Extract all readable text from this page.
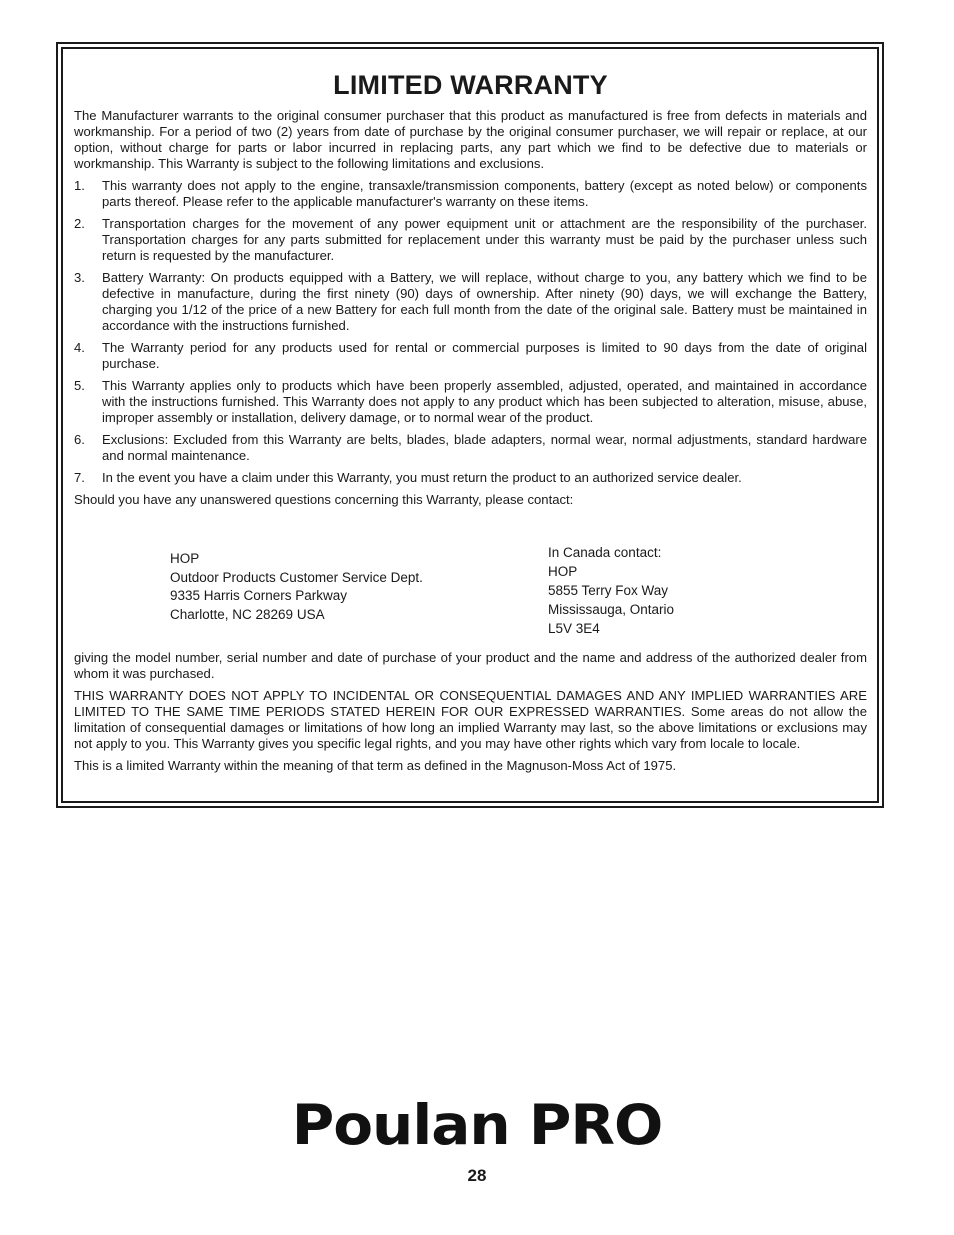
LIMITED WARRANTY

The Manufacturer warrants to the original consumer purchaser that this product as manufactured is free from defects in materials and workmanship. For a period of two (2) years from date of purchase by the original consumer purchaser, we will repair or replace, at our option, without charge for parts or labor incurred in replacing parts, any part which we find to be defective due to materials or workmanship. This Warranty is subject to the following limitations and exclusions.

1. This warranty does not apply to the engine, transaxle/transmission components, battery (except as noted below) or components parts thereof. Please refer to the applicable manufacturer's warranty on these items.
2. Transportation charges for the movement of any power equipment unit or attachment are the responsibility of the purchaser. Transportation charges for any parts submitted for replacement under this warranty must be paid by the purchaser unless such return is requested by the manufacturer.
3. Battery Warranty: On products equipped with a Battery, we will replace, without charge to you, any battery which we find to be defective in manufacture, during the first ninety (90) days of ownership. After ninety (90) days, we will exchange the Battery, charging you 1/12 of the price of a new Battery for each full month from the date of the original sale. Battery must be maintained in accordance with the instructions furnished.
4. The Warranty period for any products used for rental or commercial purposes is limited to 90 days from the date of original purchase.
5. This Warranty applies only to products which have been properly assembled, adjusted, operated, and maintained in accordance with the instructions furnished. This Warranty does not apply to any product which has been subjected to alteration, misuse, abuse, improper assembly or installation, delivery damage, or to normal wear of the product.
6. Exclusions: Excluded from this Warranty are belts, blades, blade adapters, normal wear, normal adjustments, standard hardware and normal maintenance.
7. In the event you have a claim under this Warranty, you must return the product to an authorized service dealer.

Should you have any unanswered questions concerning this Warranty, please contact:

HOP
Outdoor Products Customer Service Dept.
9335 Harris Corners Parkway
Charlotte, NC 28269 USA
In Canada contact:
HOP
5855 Terry Fox Way
Mississauga, Ontario
L5V 3E4

giving the model number, serial number and date of purchase of your product and the name and address of the authorized dealer from whom it was purchased.

THIS WARRANTY DOES NOT APPLY TO INCIDENTAL OR CONSEQUENTIAL DAMAGES AND ANY IMPLIED WARRANTIES ARE LIMITED TO THE SAME TIME PERIODS STATED HEREIN FOR OUR EXPRESSED WARRANTIES. Some areas do not allow the limitation of consequential damages or limitations of how long an implied Warranty may last, so the above limitations or exclusions may not apply to you. This Warranty gives you specific legal rights, and you may have other rights which vary from locale to locale.

This is a limited Warranty within the meaning of that term as defined in the Magnuson-Moss Act of 1975.

Poulan PRO
28
